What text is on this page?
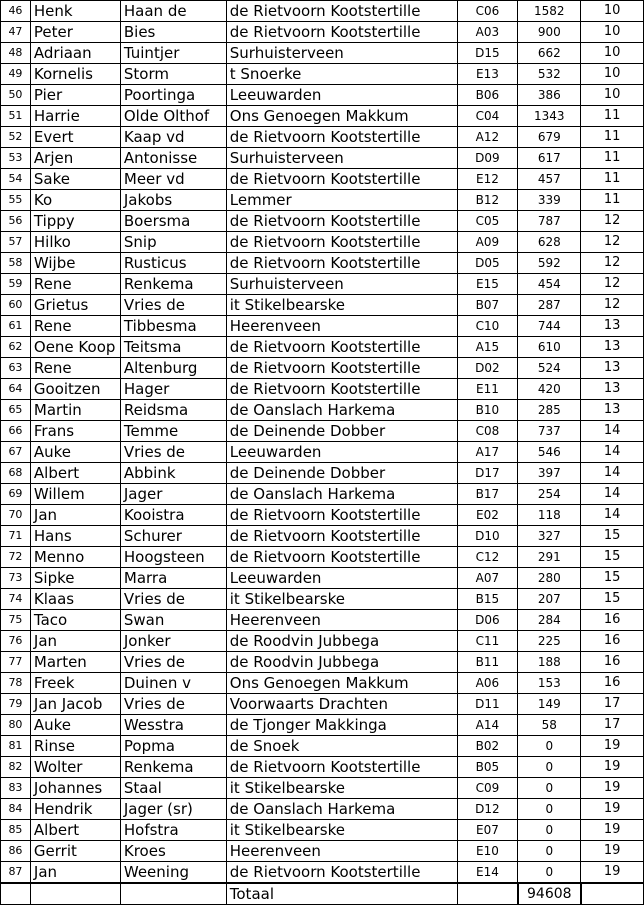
46	Henk	Haan de	de Rietvoorn Kootstertille	C06	1582	10
47	Peter	Bies	de Rietvoorn Kootstertille	A03	900	10
48	Adriaan	Tuintjer	Surhuisterveen	D15	662	10
49	Kornelis	Storm	t Snoerke	E13	532	10
50	Pier	Poortinga	Leeuwarden	B06	386	10
51	Harrie	Olde Olthof	Ons Genoegen Makkum	C04	1343	11
52	Evert	Kaap vd	de Rietvoorn Kootstertille	A12	679	11
53	Arjen	Antonisse	Surhuisterveen	D09	617	11
54	Sake	Meer vd	de Rietvoorn Kootstertille	E12	457	11
55	Ko	Jakobs	Lemmer	B12	339	11
56	Tippy	Boersma	de Rietvoorn Kootstertille	C05	787	12
57	Hilko	Snip	de Rietvoorn Kootstertille	A09	628	12
58	Wijbe	Rusticus	de Rietvoorn Kootstertille	D05	592	12
59	Rene	Renkema	Surhuisterveen	E15	454	12
60	Grietus	Vries de	it Stikelbearske	B07	287	12
61	Rene	Tibbesma	Heerenveen	C10	744	13
62	Oene Koop	Teitsma	de Rietvoorn Kootstertille	A15	610	13
63	Rene	Altenburg	de Rietvoorn Kootstertille	D02	524	13
64	Gooitzen	Hager	de Rietvoorn Kootstertille	E11	420	13
65	Martin	Reidsma	de Oanslach Harkema	B10	285	13
66	Frans	Temme	de Deinende Dobber	C08	737	14
67	Auke	Vries de	Leeuwarden	A17	546	14
68	Albert	Abbink	de Deinende Dobber	D17	397	14
69	Willem	Jager	de Oanslach Harkema	B17	254	14
70	Jan	Kooistra	de Rietvoorn Kootstertille	E02	118	14
71	Hans	Schurer	de Rietvoorn Kootstertille	D10	327	15
72	Menno	Hoogsteen	de Rietvoorn Kootstertille	C12	291	15
73	Sipke	Marra	Leeuwarden	A07	280	15
74	Klaas	Vries de	it Stikelbearske	B15	207	15
75	Taco	Swan	Heerenveen	D06	284	16
76	Jan	Jonker	de Roodvin Jubbega	C11	225	16
77	Marten	Vries de	de Roodvin Jubbega	B11	188	16
78	Freek	Duinen v	Ons Genoegen Makkum	A06	153	16
79	Jan Jacob	Vries de	Voorwaarts Drachten	D11	149	17
80	Auke	Wesstra	de Tjonger Makkinga	A14	58	17
81	Rinse	Popma	de Snoek	B02	0	19
82	Wolter	Renkema	de Rietvoorn Kootstertille	B05	0	19
83	Johannes	Staal	it Stikelbearske	C09	0	19
84	Hendrik	Jager (sr)	de Oanslach Harkema	D12	0	19
85	Albert	Hofstra	it Stikelbearske	E07	0	19
86	Gerrit	Kroes	Heerenveen	E10	0	19
87	Jan	Weening	de Rietvoorn Kootstertille	E14	0	19
			Totaal		94608	
